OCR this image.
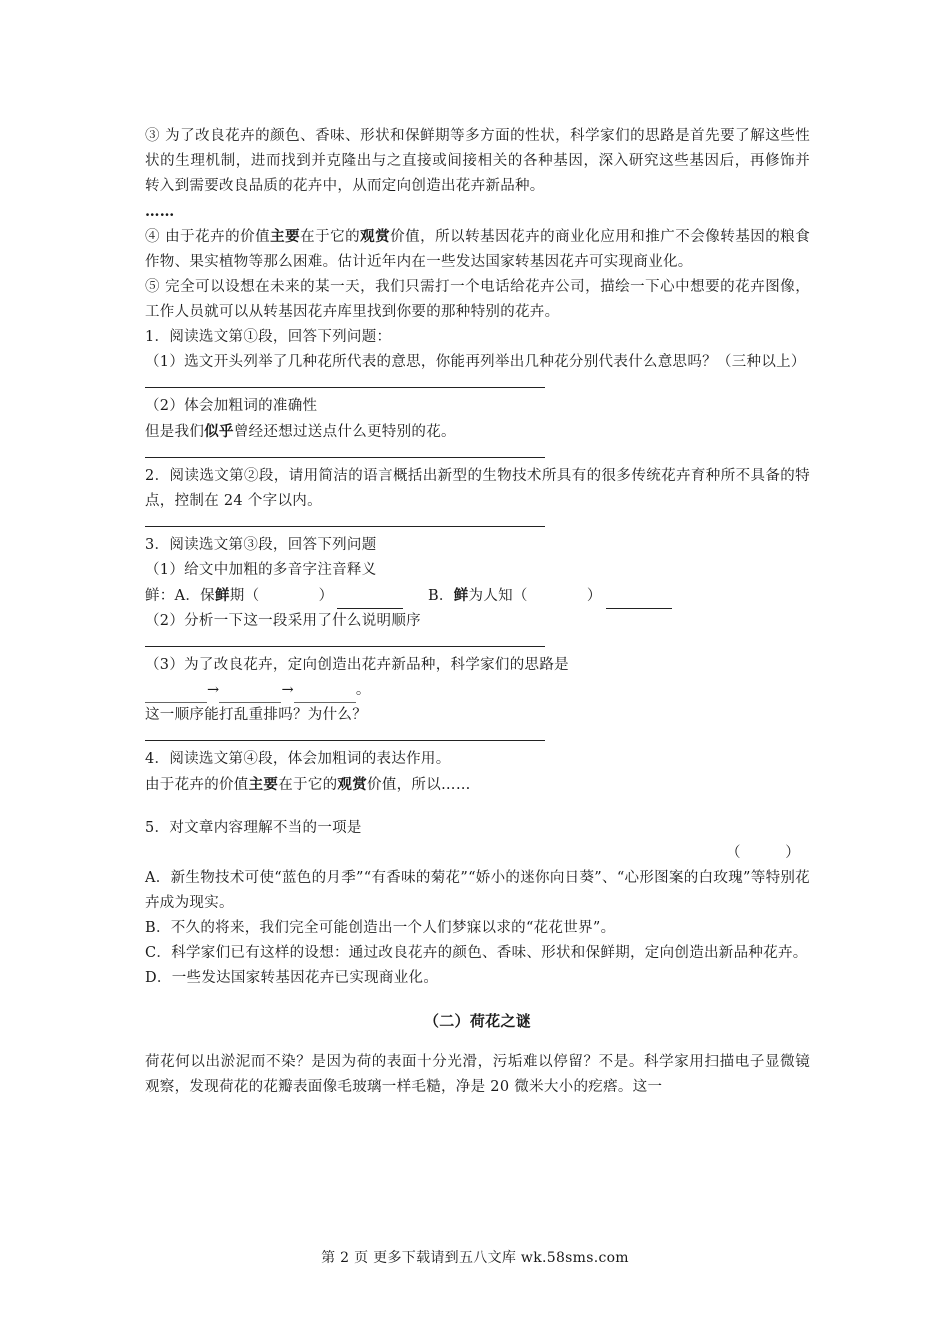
③ 为了改良花卉的颜色、香味、形状和保鲜期等多方面的性状，科学家们的思路是首先要了解这些性状的生理机制，进而找到并克隆出与之直接或间接相关的各种基因，深入研究这些基因后，再修饰并转入到需要改良品质的花卉中，从而定向创造出花卉新品种。

……

④ 由于花卉的价值主要在于它的观赏价值，所以转基因花卉的商业化应用和推广不会像转基因的粮食作物、果实植物等那么困难。估计近年内在一些发达国家转基因花卉可实现商业化。

⑤ 完全可以设想在未来的某一天，我们只需打一个电话给花卉公司，描绘一下心中想要的花卉图像，工作人员就可以从转基因花卉库里找到你要的那种特别的花卉。

1．阅读选文第①段，回答下列问题：

（1）选文开头列举了几种花所代表的意思，你能再列举出几种花分别代表什么意思吗？（三种以上）

（2）体会加粗词的准确性

但是我们似乎曾经还想过送点什么更特别的花。

2．阅读选文第②段，请用简洁的语言概括出新型的生物技术所具有的很多传统花卉育种所不具备的特点，控制在 24 个字以内。

3．阅读选文第③段，回答下列问题

（1）给文中加粗的多音字注音释义

鲜：A．保鲜期（　　　　）	B．鲜为人知（　　　　）

（2）分析一下这一段采用了什么说明顺序

（3）为了改良花卉，定向创造出花卉新品种，科学家们的思路是

→	→	。

这一顺序能打乱重排吗？为什么？

4．阅读选文第④段，体会加粗词的表达作用。

由于花卉的价值主要在于它的观赏价值，所以……

5．对文章内容理解不当的一项是

（　　　）

A．新生物技术可使“蓝色的月季”“有香味的菊花”“娇小的迷你向日葵”、“心形图案的白玫瑰”等特别花卉成为现实。

B．不久的将来，我们完全可能创造出一个人们梦寐以求的“花花世界”。

C．科学家们已有这样的设想：通过改良花卉的颜色、香味、形状和保鲜期，定向创造出新品种花卉。

D．一些发达国家转基因花卉已实现商业化。

（二）荷花之谜

荷花何以出淤泥而不染？是因为荷的表面十分光滑，污垢难以停留？不是。科学家用扫描电子显微镜观察，发现荷花的花瓣表面像毛玻璃一样毛糙，净是 20 微米大小的疙瘩。这一

第 2 页 更多下载请到五八文库 wk.58sms.com
